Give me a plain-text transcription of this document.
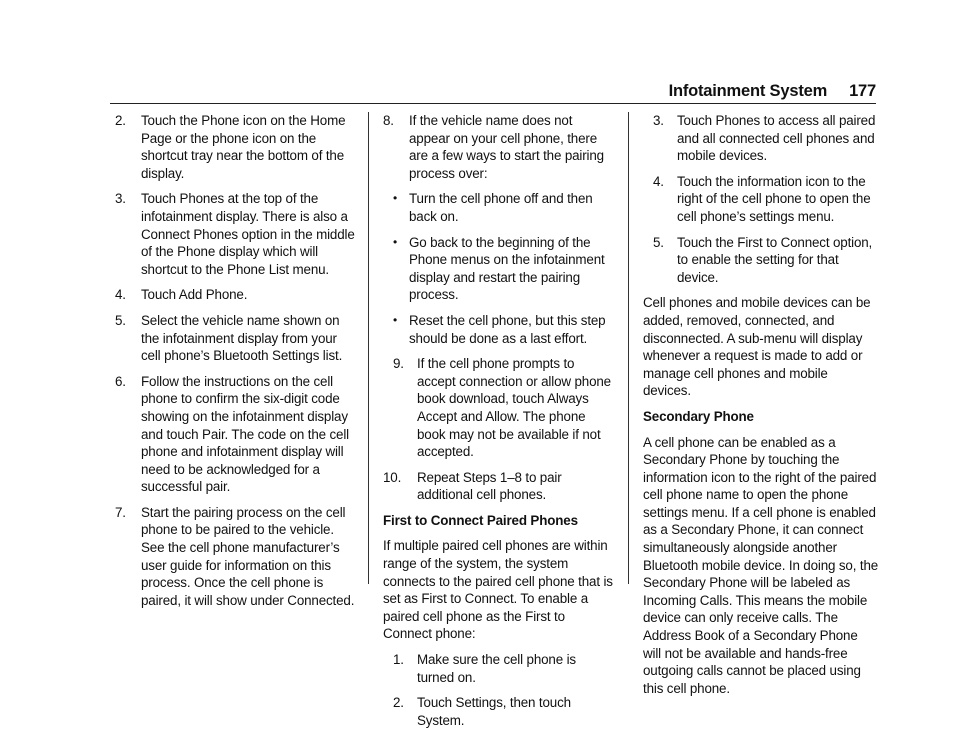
Infotainment System 177
2.	Touch the Phone icon on the Home Page or the phone icon on the shortcut tray near the bottom of the display.
3.	Touch Phones at the top of the infotainment display. There is also a Connect Phones option in the middle of the Phone display which will shortcut to the Phone List menu.
4.	Touch Add Phone.
5.	Select the vehicle name shown on the infotainment display from your cell phone’s Bluetooth Settings list.
6.	Follow the instructions on the cell phone to confirm the six-digit code showing on the infotainment display and touch Pair. The code on the cell phone and infotainment display will need to be acknowledged for a successful pair.
7.	Start the pairing process on the cell phone to be paired to the vehicle. See the cell phone manufacturer’s user guide for information on this process. Once the cell phone is paired, it will show under Connected.
8.	If the vehicle name does not appear on your cell phone, there are a few ways to start the pairing process over:
• Turn the cell phone off and then back on.
• Go back to the beginning of the Phone menus on the infotainment display and restart the pairing process.
• Reset the cell phone, but this step should be done as a last effort.
9. If the cell phone prompts to accept connection or allow phone book download, touch Always Accept and Allow. The phone book may not be available if not accepted.
10.	Repeat Steps 1–8 to pair additional cell phones.
First to Connect Paired Phones
If multiple paired cell phones are within range of the system, the system connects to the paired cell phone that is set as First to Connect. To enable a paired cell phone as the First to Connect phone:
1. Make sure the cell phone is turned on.
2. Touch Settings, then touch System.
3. Touch Phones to access all paired and all connected cell phones and mobile devices.
4. Touch the information icon to the right of the cell phone to open the cell phone’s settings menu.
5. Touch the First to Connect option, to enable the setting for that device.
Cell phones and mobile devices can be added, removed, connected, and disconnected. A sub-menu will display whenever a request is made to add or manage cell phones and mobile devices.
Secondary Phone
A cell phone can be enabled as a Secondary Phone by touching the information icon to the right of the paired cell phone name to open the phone settings menu. If a cell phone is enabled as a Secondary Phone, it can connect simultaneously alongside another Bluetooth mobile device. In doing so, the Secondary Phone will be labeled as Incoming Calls. This means the mobile device can only receive calls. The Address Book of a Secondary Phone will not be available and hands-free outgoing calls cannot be placed using this cell phone.
